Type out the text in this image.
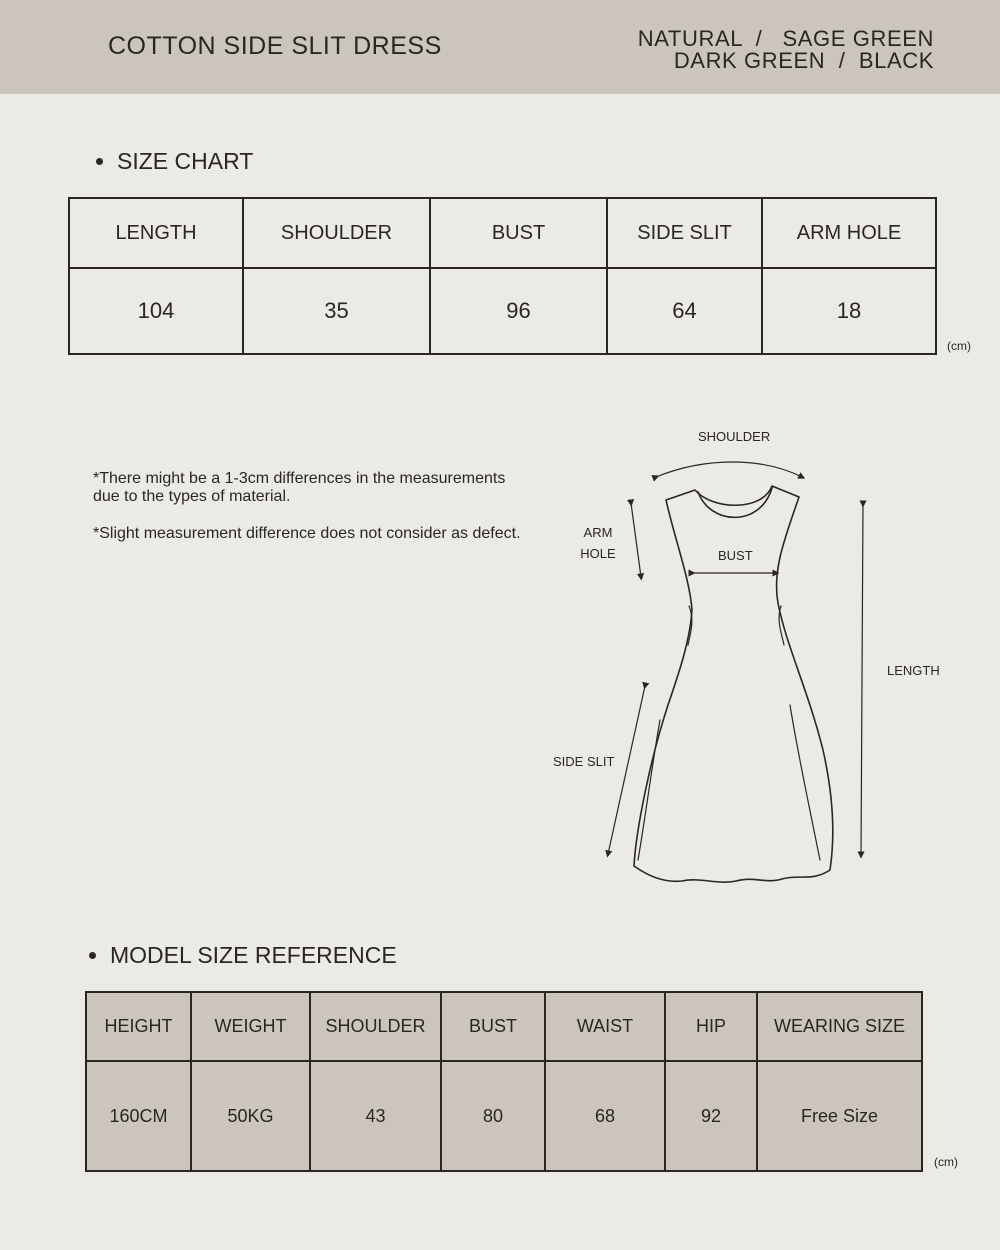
COTTON SIDE SLIT DRESS	NATURAL  /   SAGE GREEN
DARK GREEN  /  BLACK
SIZE CHART
LENGTH	SHOULDER	BUST	SIDE SLIT	ARM HOLE
104	35	96	64	18
(cm)

*There might be a 1-3cm differences in the measurements due to the types of material.

*Slight measurement difference does not consider as defect.

SHOULDER
ARM
HOLE	BUST
LENGTH
SIDE SLIT
MODEL SIZE REFERENCE
HEIGHT	WEIGHT	SHOULDER	BUST	WAIST	HIP	WEARING SIZE
160CM	50KG	43	80	68	92	Free Size
(cm)
